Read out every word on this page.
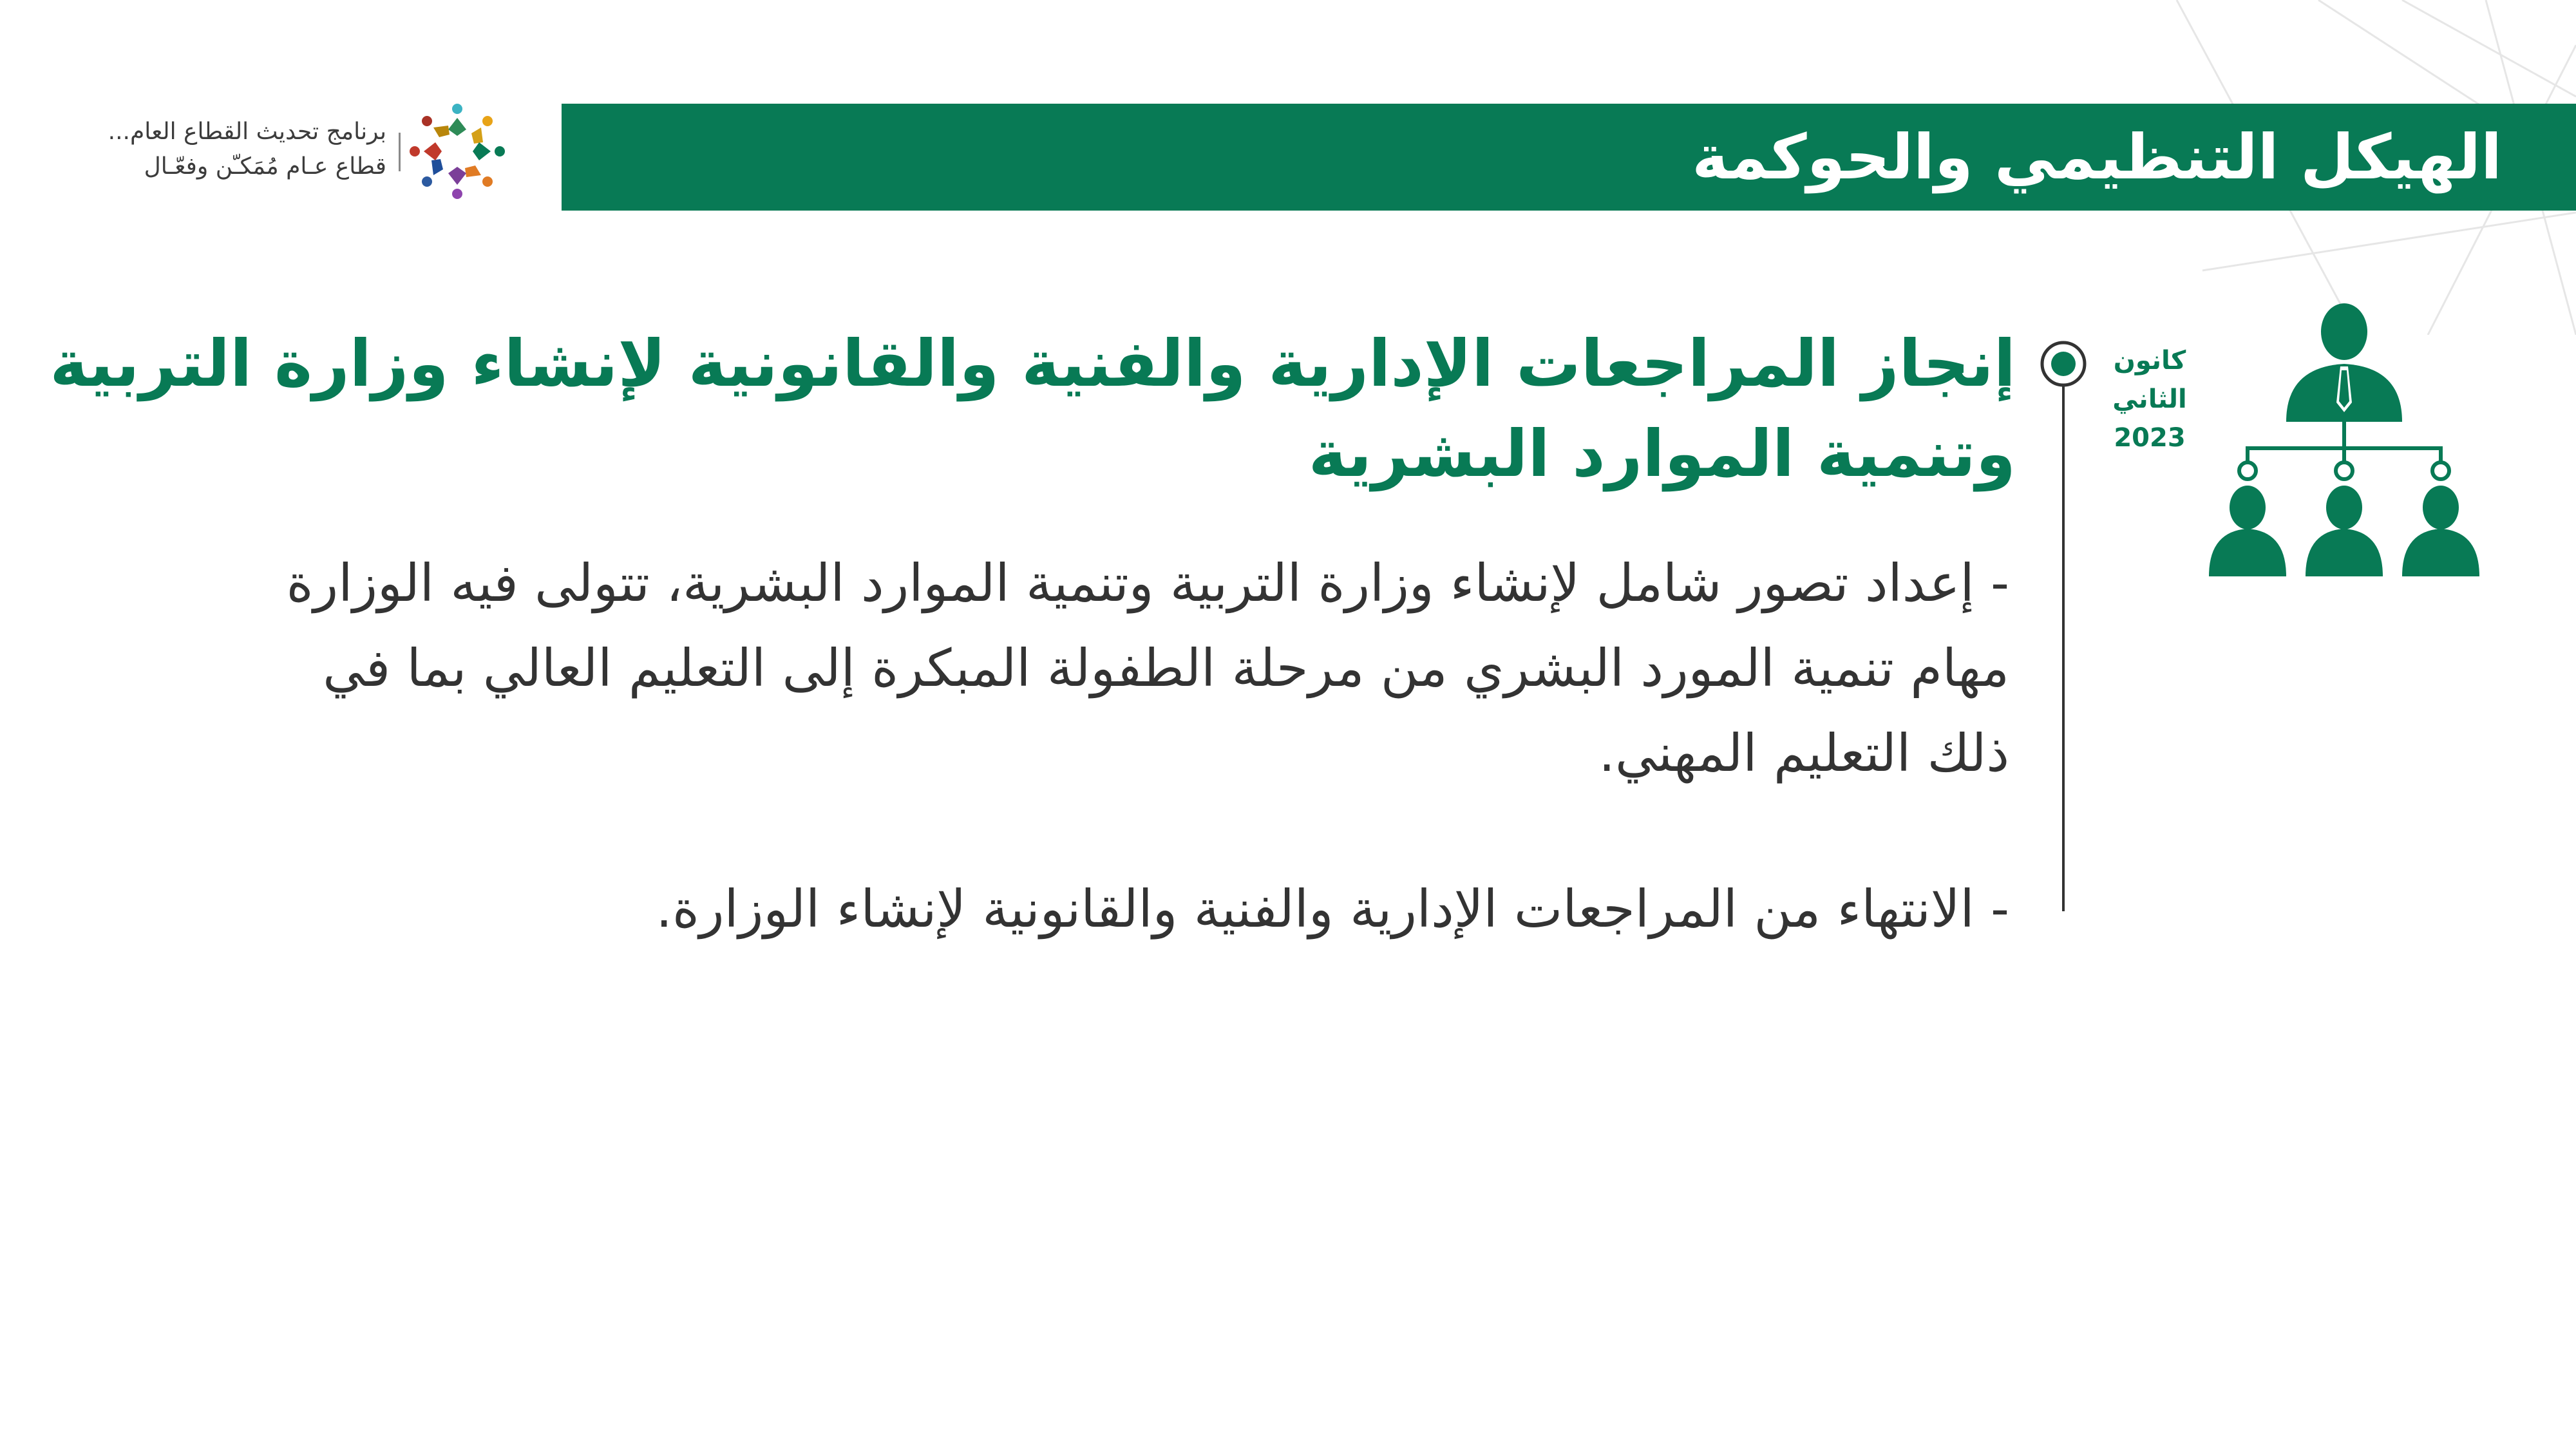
الهيكل التنظيمي والحوكمة
برنامج تحديث القطاع العام...
قطاع عـام مُمَكـّن وفعّـال
كانون
الثاني
2023
إنجاز المراجعات الإدارية والفنية والقانونية لإنشاء وزارة التربية
وتنمية الموارد البشرية
- إعداد تصور شامل لإنشاء وزارة التربية وتنمية الموارد البشرية، تتولى فيه الوزارة
مهام تنمية المورد البشري من مرحلة الطفولة المبكرة إلى التعليم العالي بما في
ذلك التعليم المهني.
- الانتهاء من المراجعات الإدارية والفنية والقانونية لإنشاء الوزارة.
